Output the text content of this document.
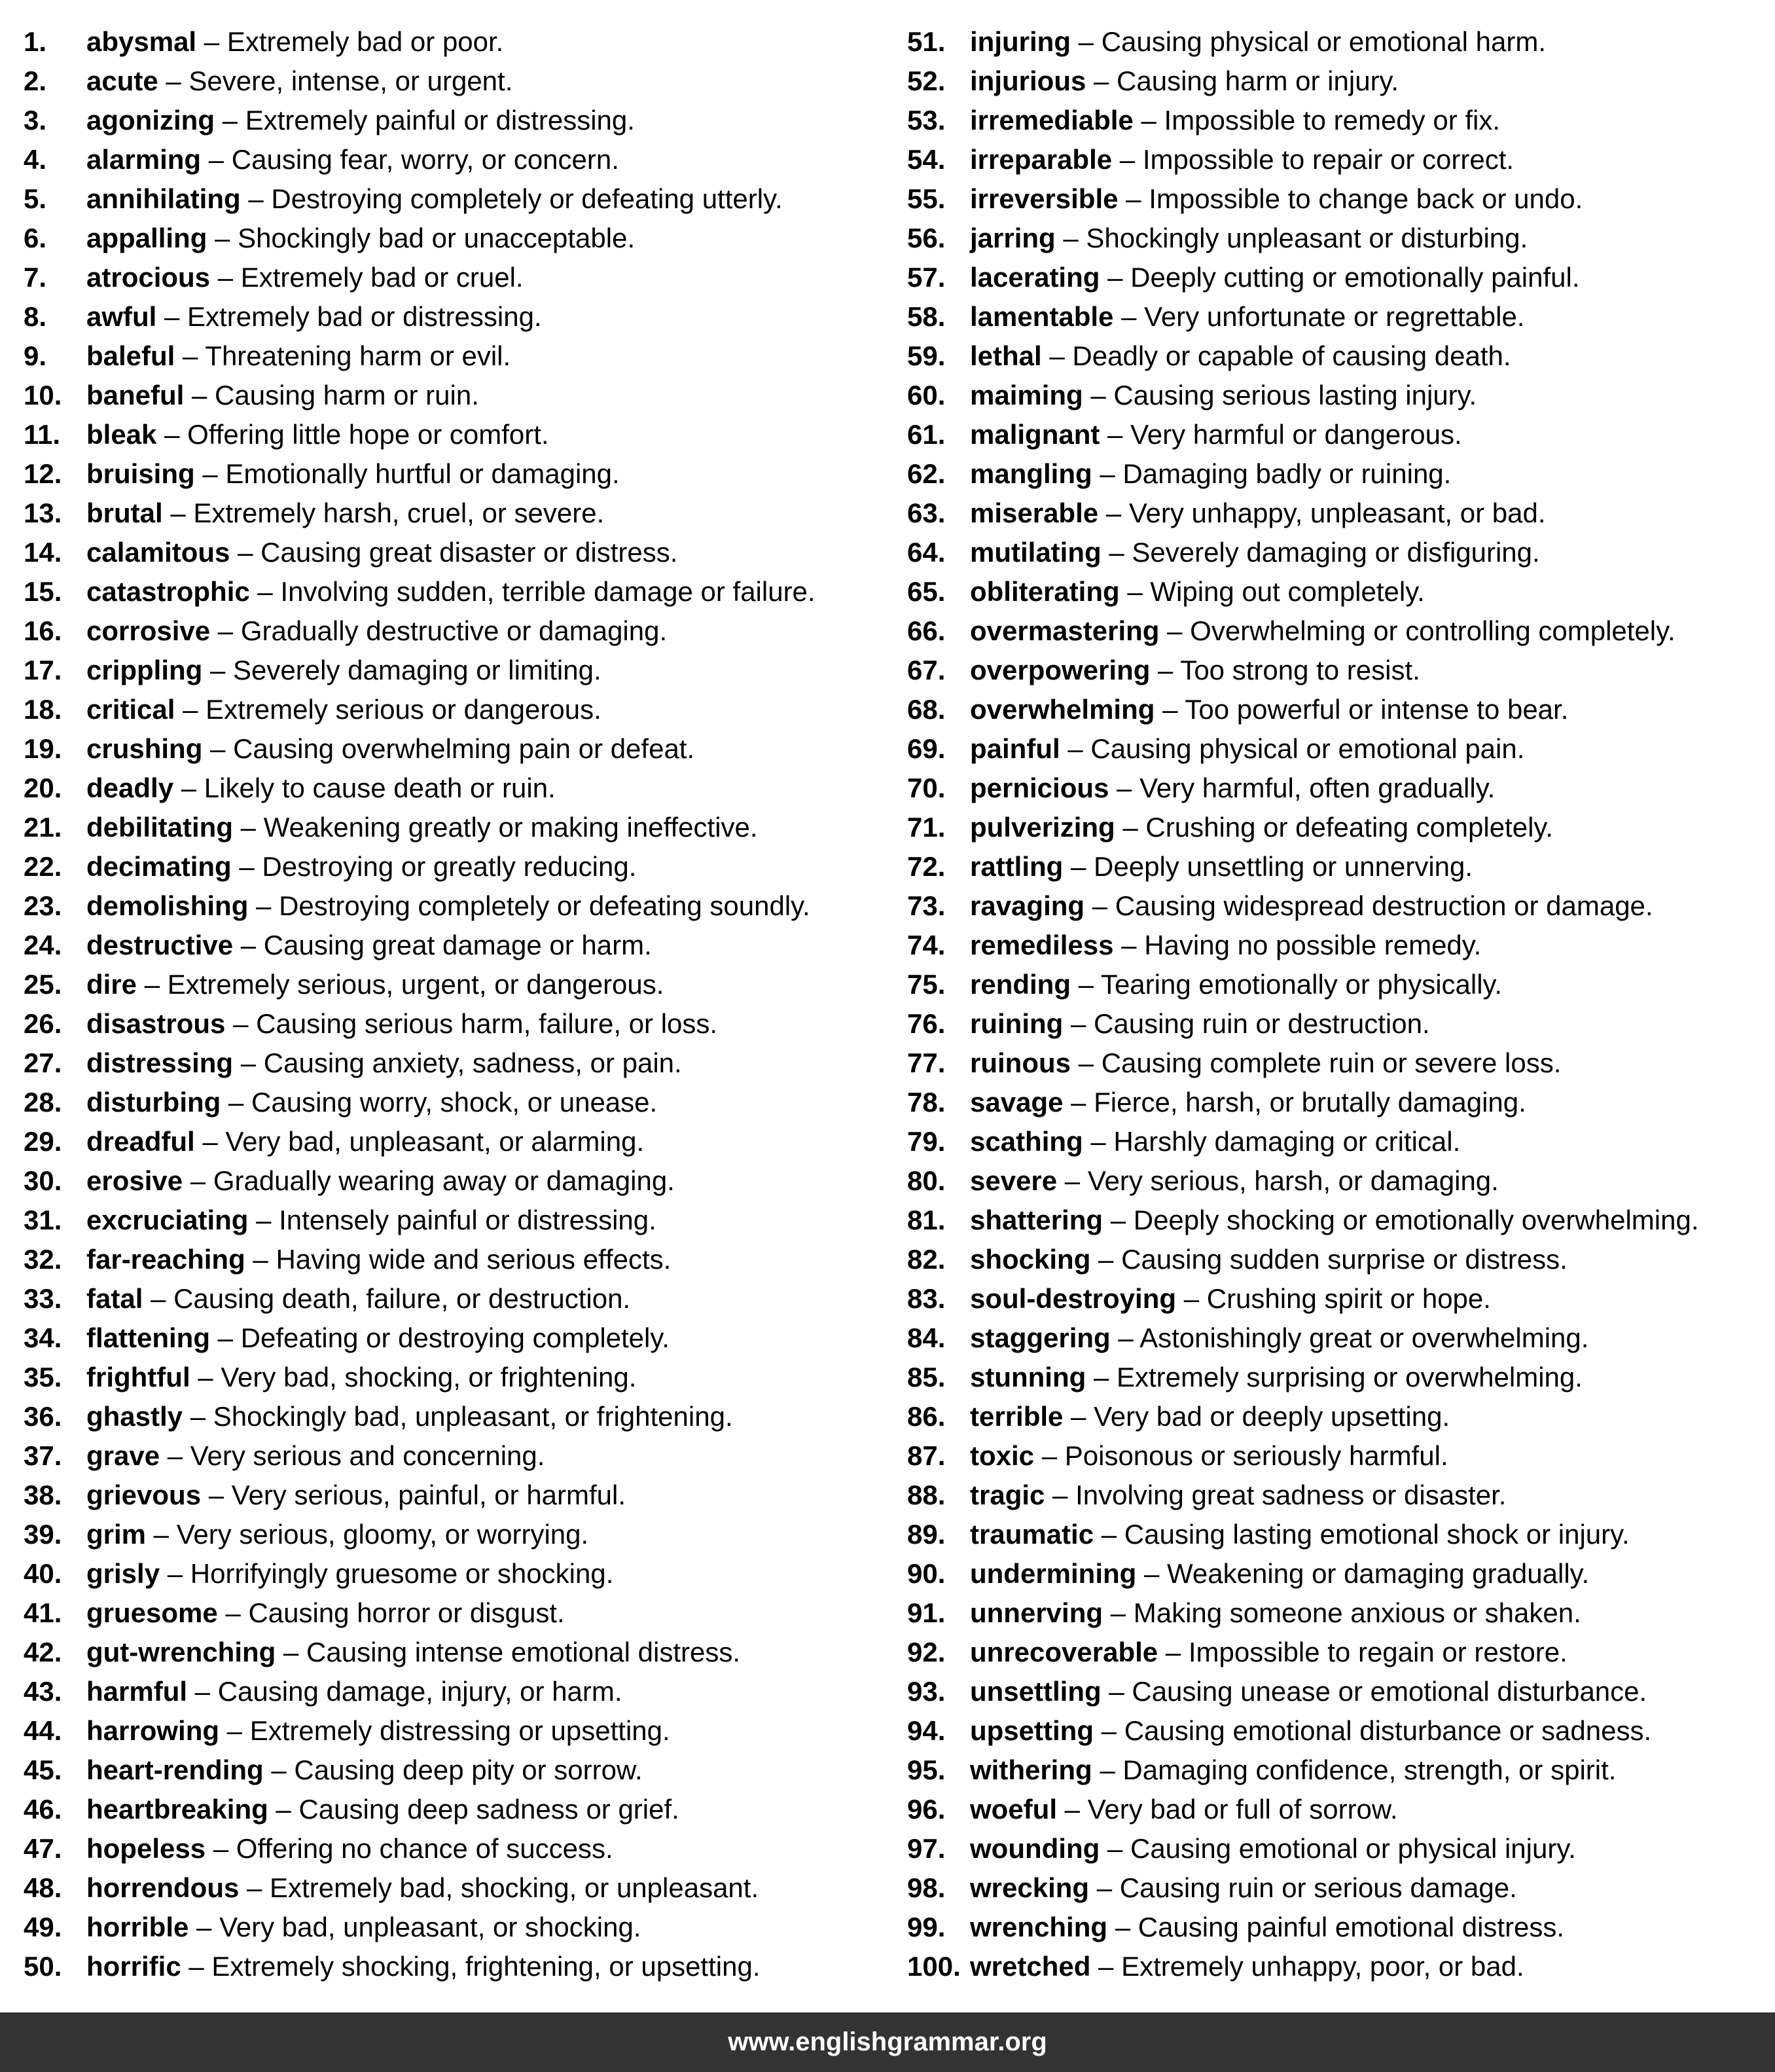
1.	abysmal – Extremely bad or poor.
2.	acute – Severe, intense, or urgent.
3.	agonizing – Extremely painful or distressing.
4.	alarming – Causing fear, worry, or concern.
5.	annihilating – Destroying completely or defeating utterly.
6.	appalling – Shockingly bad or unacceptable.
7.	atrocious – Extremely bad or cruel.
8.	awful – Extremely bad or distressing.
9.	baleful – Threatening harm or evil.
10. baneful – Causing harm or ruin.
11. bleak – Offering little hope or comfort.
12. bruising – Emotionally hurtful or damaging.
13. brutal – Extremely harsh, cruel, or severe.
14. calamitous – Causing great disaster or distress.
15. catastrophic – Involving sudden, terrible damage or failure.
16. corrosive – Gradually destructive or damaging.
17. crippling – Severely damaging or limiting.
18. critical – Extremely serious or dangerous.
19. crushing – Causing overwhelming pain or defeat.
20. deadly – Likely to cause death or ruin.
21. debilitating – Weakening greatly or making ineffective.
22. decimating – Destroying or greatly reducing.
23. demolishing – Destroying completely or defeating soundly.
24. destructive – Causing great damage or harm.
25. dire – Extremely serious, urgent, or dangerous.
26. disastrous – Causing serious harm, failure, or loss.
27. distressing – Causing anxiety, sadness, or pain.
28. disturbing – Causing worry, shock, or unease.
29. dreadful – Very bad, unpleasant, or alarming.
30. erosive – Gradually wearing away or damaging.
31. excruciating – Intensely painful or distressing.
32. far-reaching – Having wide and serious effects.
33. fatal – Causing death, failure, or destruction.
34. flattening – Defeating or destroying completely.
35. frightful – Very bad, shocking, or frightening.
36. ghastly – Shockingly bad, unpleasant, or frightening.
37. grave – Very serious and concerning.
38. grievous – Very serious, painful, or harmful.
39. grim – Very serious, gloomy, or worrying.
40. grisly – Horrifyingly gruesome or shocking.
41. gruesome – Causing horror or disgust.
42. gut-wrenching – Causing intense emotional distress.
43. harmful – Causing damage, injury, or harm.
44. harrowing – Extremely distressing or upsetting.
45. heart-rending – Causing deep pity or sorrow.
46. heartbreaking – Causing deep sadness or grief.
47. hopeless – Offering no chance of success.
48. horrendous – Extremely bad, shocking, or unpleasant.
49. horrible – Very bad, unpleasant, or shocking.
50. horrific – Extremely shocking, frightening, or upsetting.
51. injuring – Causing physical or emotional harm.
52. injurious – Causing harm or injury.
53. irremediable – Impossible to remedy or fix.
54. irreparable – Impossible to repair or correct.
55. irreversible – Impossible to change back or undo.
56. jarring – Shockingly unpleasant or disturbing.
57. lacerating – Deeply cutting or emotionally painful.
58. lamentable – Very unfortunate or regrettable.
59. lethal – Deadly or capable of causing death.
60. maiming – Causing serious lasting injury.
61. malignant – Very harmful or dangerous.
62. mangling – Damaging badly or ruining.
63. miserable – Very unhappy, unpleasant, or bad.
64. mutilating – Severely damaging or disfiguring.
65. obliterating – Wiping out completely.
66. overmastering – Overwhelming or controlling completely.
67. overpowering – Too strong to resist.
68. overwhelming – Too powerful or intense to bear.
69. painful – Causing physical or emotional pain.
70. pernicious – Very harmful, often gradually.
71. pulverizing – Crushing or defeating completely.
72. rattling – Deeply unsettling or unnerving.
73. ravaging – Causing widespread destruction or damage.
74. remediless – Having no possible remedy.
75. rending – Tearing emotionally or physically.
76. ruining – Causing ruin or destruction.
77. ruinous – Causing complete ruin or severe loss.
78. savage – Fierce, harsh, or brutally damaging.
79. scathing – Harshly damaging or critical.
80. severe – Very serious, harsh, or damaging.
81. shattering – Deeply shocking or emotionally overwhelming.
82. shocking – Causing sudden surprise or distress.
83. soul-destroying – Crushing spirit or hope.
84. staggering – Astonishingly great or overwhelming.
85. stunning – Extremely surprising or overwhelming.
86. terrible – Very bad or deeply upsetting.
87. toxic – Poisonous or seriously harmful.
88. tragic – Involving great sadness or disaster.
89. traumatic – Causing lasting emotional shock or injury.
90. undermining – Weakening or damaging gradually.
91. unnerving – Making someone anxious or shaken.
92. unrecoverable – Impossible to regain or restore.
93. unsettling – Causing unease or emotional disturbance.
94. upsetting – Causing emotional disturbance or sadness.
95. withering – Damaging confidence, strength, or spirit.
96. woeful – Very bad or full of sorrow.
97. wounding – Causing emotional or physical injury.
98. wrecking – Causing ruin or serious damage.
99. wrenching – Causing painful emotional distress.
100. wretched – Extremely unhappy, poor, or bad.
www.englishgrammar.org
